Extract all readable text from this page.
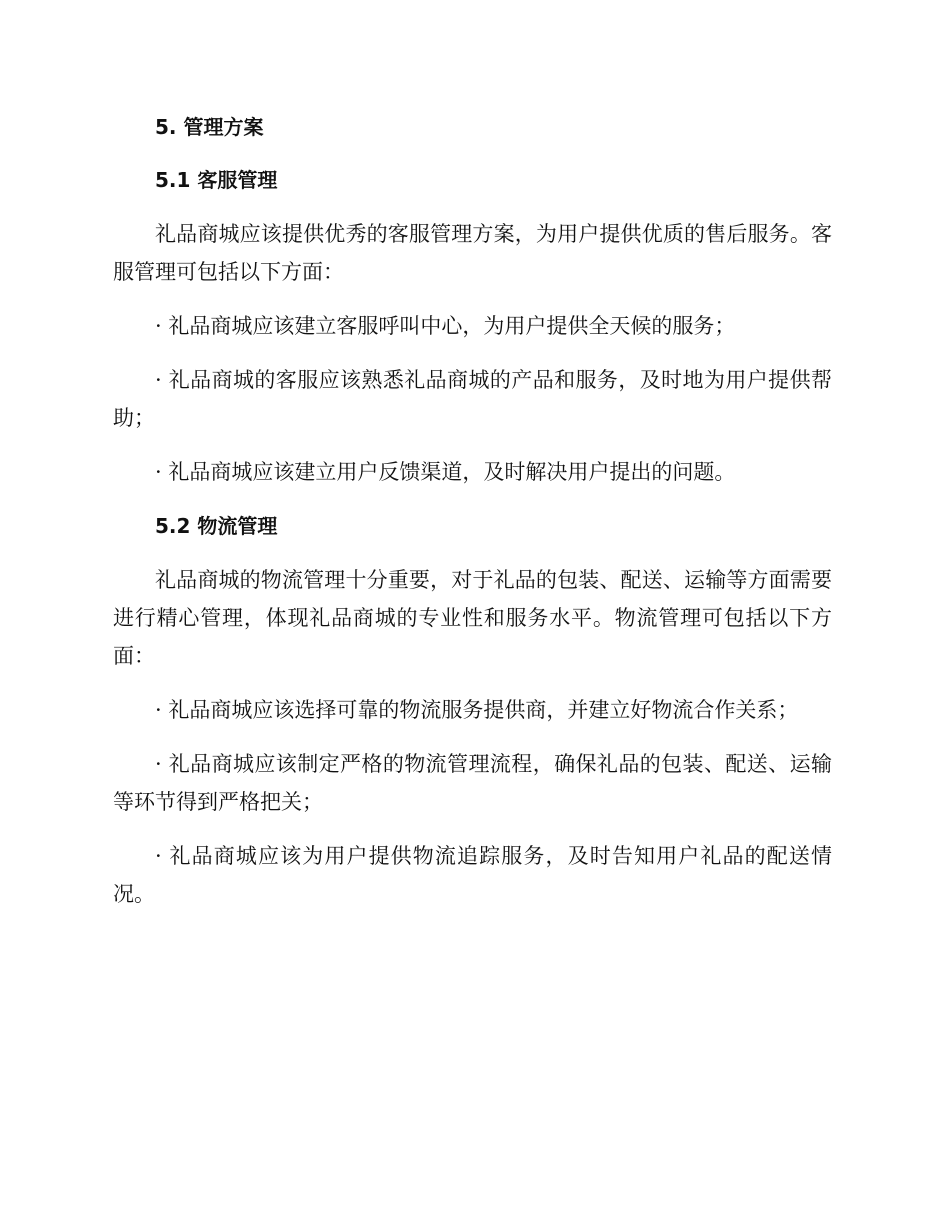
5. 管理方案
5.1 客服管理

礼品商城应该提供优秀的客服管理方案，为用户提供优质的售后服务。客服管理可包括以下方面：

· 礼品商城应该建立客服呼叫中心，为用户提供全天候的服务；

· 礼品商城的客服应该熟悉礼品商城的产品和服务，及时地为用户提供帮助；

· 礼品商城应该建立用户反馈渠道，及时解决用户提出的问题。

5.2 物流管理

礼品商城的物流管理十分重要，对于礼品的包装、配送、运输等方面需要进行精心管理，体现礼品商城的专业性和服务水平。物流管理可包括以下方面：

· 礼品商城应该选择可靠的物流服务提供商，并建立好物流合作关系；

· 礼品商城应该制定严格的物流管理流程，确保礼品的包装、配送、运输等环节得到严格把关；

· 礼品商城应该为用户提供物流追踪服务，及时告知用户礼品的配送情况。
